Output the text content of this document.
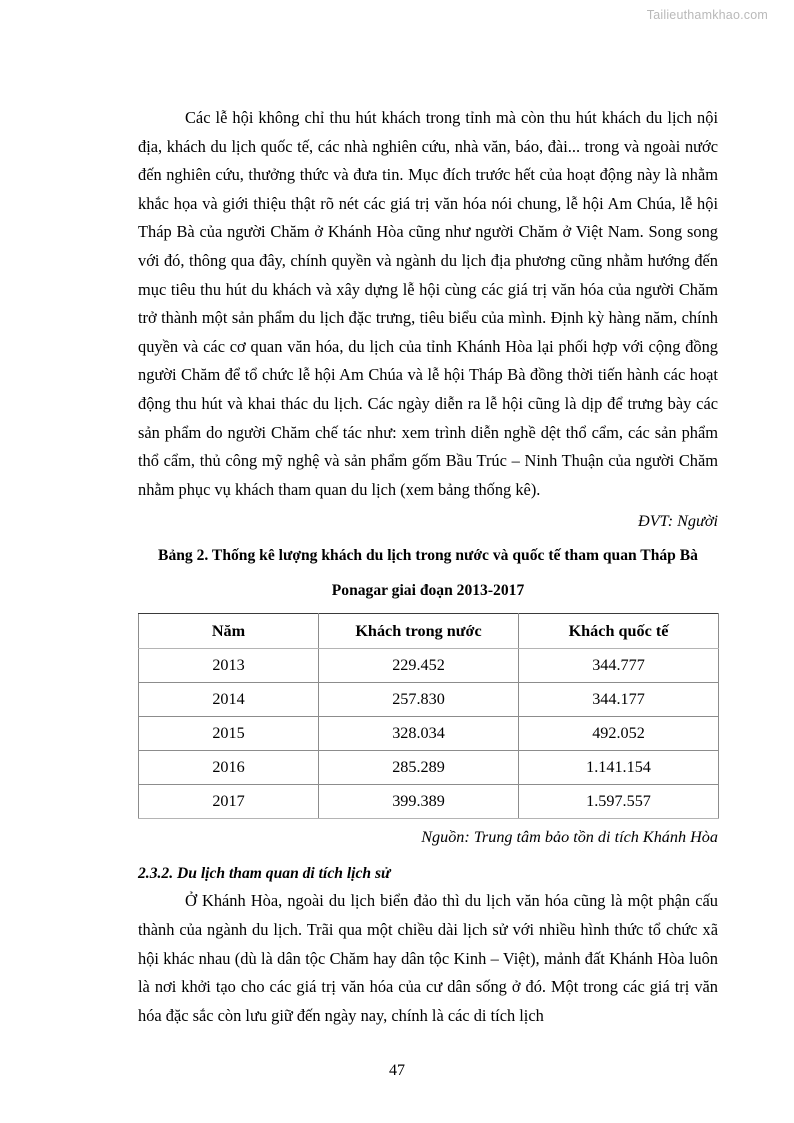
Tailieuthamkhao.com

Các lễ hội không chỉ thu hút khách trong tỉnh mà còn thu hút khách du lịch nội địa, khách du lịch quốc tế, các nhà nghiên cứu, nhà văn, báo, đài... trong và ngoài nước đến nghiên cứu, thưởng thức và đưa tin. Mục đích trước hết của hoạt động này là nhằm khắc họa và giới thiệu thật rõ nét các giá trị văn hóa nói chung, lễ hội Am Chúa, lễ hội Tháp Bà của người Chăm ở Khánh Hòa cũng như người Chăm ở Việt Nam. Song song với đó, thông qua đây, chính quyền và ngành du lịch địa phương cũng nhằm hướng đến mục tiêu thu hút du khách và xây dựng lễ hội cùng các giá trị văn hóa của người Chăm trở thành một sản phẩm du lịch đặc trưng, tiêu biểu của mình. Định kỳ hàng năm, chính quyền và các cơ quan văn hóa, du lịch của tỉnh Khánh Hòa lại phối hợp với cộng đồng người Chăm để tổ chức lễ hội Am Chúa và lễ hội Tháp Bà đồng thời tiến hành các hoạt động thu hút và khai thác du lịch. Các ngày diễn ra lễ hội cũng là dịp để trưng bày các sản phẩm do người Chăm chế tác như: xem trình diễn nghề dệt thổ cẩm, các sản phẩm thổ cẩm, thủ công mỹ nghệ và sản phẩm gốm Bầu Trúc – Ninh Thuận của người Chăm nhằm phục vụ khách tham quan du lịch (xem bảng thống kê).

ĐVT: Người

Bảng 2. Thống kê lượng khách du lịch trong nước và quốc tế tham quan Tháp Bà

Ponagar giai đoạn 2013-2017

Năm	Khách trong nước	Khách quốc tế
2013	229.452	344.777
2014	257.830	344.177
2015	328.034	492.052
2016	285.289	1.141.154
2017	399.389	1.597.557

Nguồn: Trung tâm bảo tồn di tích Khánh Hòa

2.3.2. Du lịch tham quan di tích lịch sử

Ở Khánh Hòa, ngoài du lịch biển đảo thì du lịch văn hóa cũng là một phận cấu thành của ngành du lịch. Trãi qua một chiều dài lịch sử với nhiều hình thức tổ chức xã hội khác nhau (dù là dân tộc Chăm hay dân tộc Kinh – Việt), mảnh đất Khánh Hòa luôn là nơi khởi tạo cho các giá trị văn hóa của cư dân sống ở đó. Một trong các giá trị văn hóa đặc sắc còn lưu giữ đến ngày nay, chính là các di tích lịch

47
